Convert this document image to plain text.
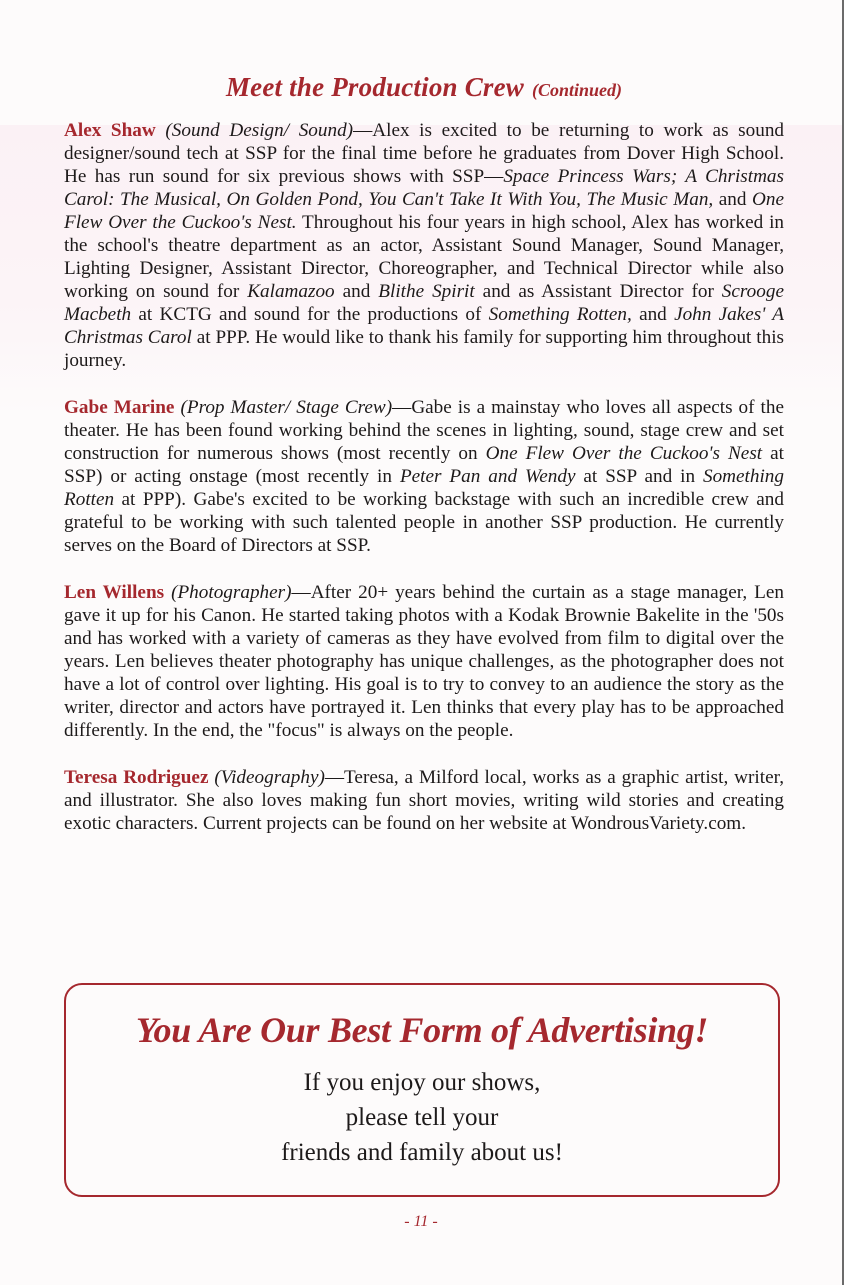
Meet the Production Crew (Continued)

Alex Shaw (Sound Design/ Sound)—Alex is excited to be returning to work as sound designer/sound tech at SSP for the final time before he graduates from Dover High School. He has run sound for six previous shows with SSP—Space Princess Wars; A Christmas Carol: The Musical, On Golden Pond, You Can't Take It With You, The Music Man, and One Flew Over the Cuckoo's Nest. Throughout his four years in high school, Alex has worked in the school's theatre department as an actor, Assistant Sound Manager, Sound Manager, Lighting Designer, Assistant Director, Choreographer, and Technical Director while also working on sound for Kalamazoo and Blithe Spirit and as Assistant Director for Scrooge Macbeth at KCTG and sound for the productions of Something Rotten, and John Jakes' A Christmas Carol at PPP. He would like to thank his family for supporting him throughout this journey.

Gabe Marine (Prop Master/ Stage Crew)—Gabe is a mainstay who loves all aspects of the theater. He has been found working behind the scenes in lighting, sound, stage crew and set construction for numerous shows (most recently on One Flew Over the Cuckoo's Nest at SSP) or acting onstage (most recently in Peter Pan and Wendy at SSP and in Something Rotten at PPP). Gabe's excited to be working backstage with such an incredible crew and grateful to be working with such talented people in another SSP production. He currently serves on the Board of Directors at SSP.

Len Willens (Photographer)—After 20+ years behind the curtain as a stage manager, Len gave it up for his Canon. He started taking photos with a Kodak Brownie Bakelite in the '50s and has worked with a variety of cameras as they have evolved from film to digital over the years. Len believes theater photography has unique challenges, as the photographer does not have a lot of control over lighting. His goal is to try to convey to an audience the story as the writer, director and actors have portrayed it. Len thinks that every play has to be approached differently. In the end, the "focus" is always on the people.

Teresa Rodriguez (Videography)—Teresa, a Milford local, works as a graphic artist, writer, and illustrator. She also loves making fun short movies, writing wild stories and creating exotic characters. Current projects can be found on her website at WondrousVariety.com.

You Are Our Best Form of Advertising!
If you enjoy our shows,
please tell your
friends and family about us!
- 11 -
